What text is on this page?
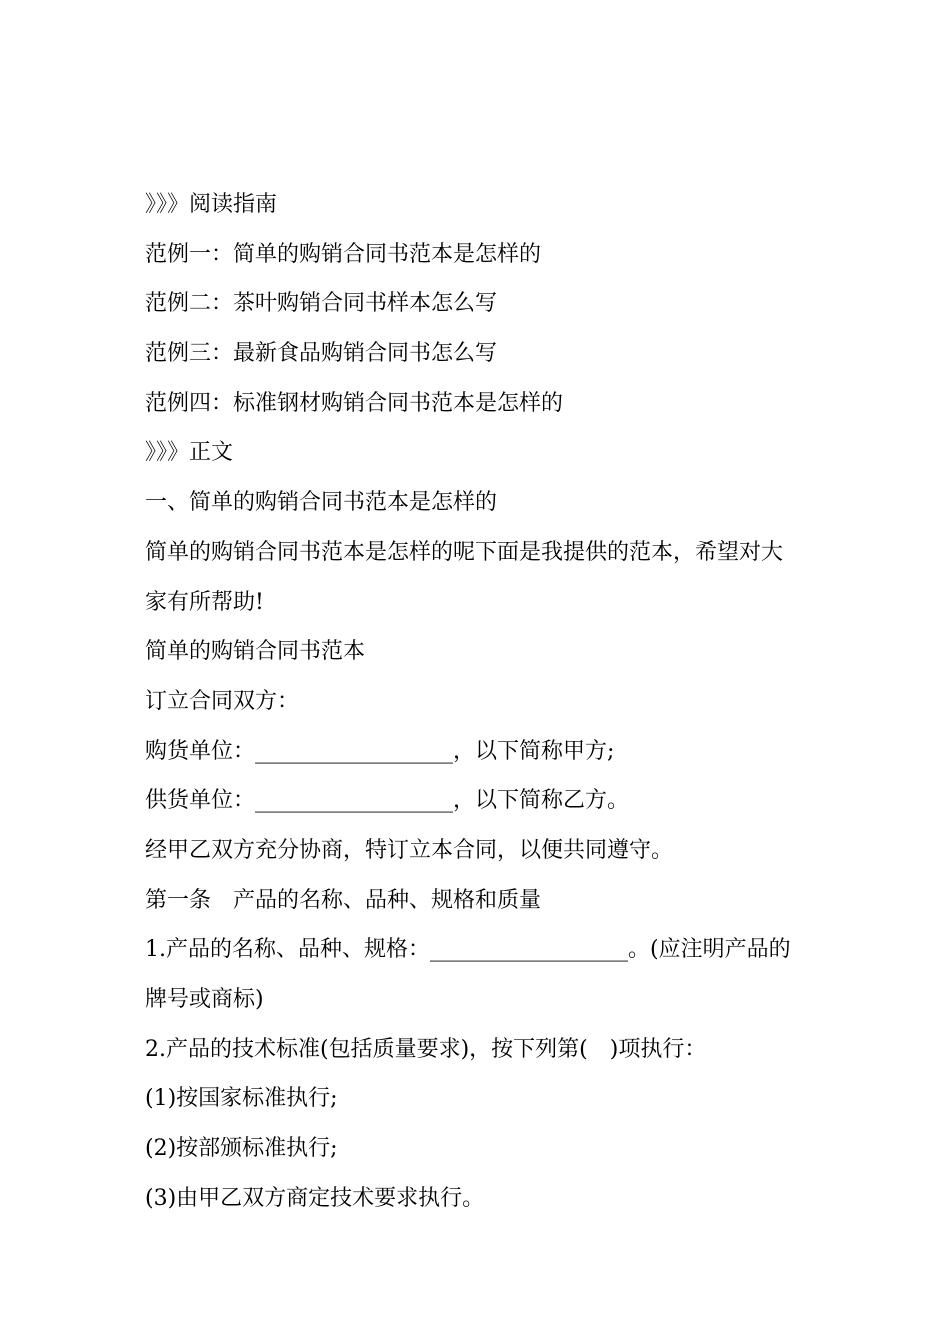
》》》阅读指南
范例一：简单的购销合同书范本是怎样的
范例二：茶叶购销合同书样本怎么写
范例三：最新食品购销合同书怎么写
范例四：标准钢材购销合同书范本是怎样的
》》》正文
一、简单的购销合同书范本是怎样的
简单的购销合同书范本是怎样的呢下面是我提供的范本，希望对大
家有所帮助!
简单的购销合同书范本
订立合同双方：
购货单位：__________________，以下简称甲方;
供货单位：__________________，以下简称乙方。
经甲乙双方充分协商，特订立本合同，以便共同遵守。
第一条　产品的名称、品种、规格和质量
1.产品的名称、品种、规格：__________________。(应注明产品的
牌号或商标)
2.产品的技术标准(包括质量要求)，按下列第(　)项执行：
(1)按国家标准执行;
(2)按部颁标准执行;
(3)由甲乙双方商定技术要求执行。
